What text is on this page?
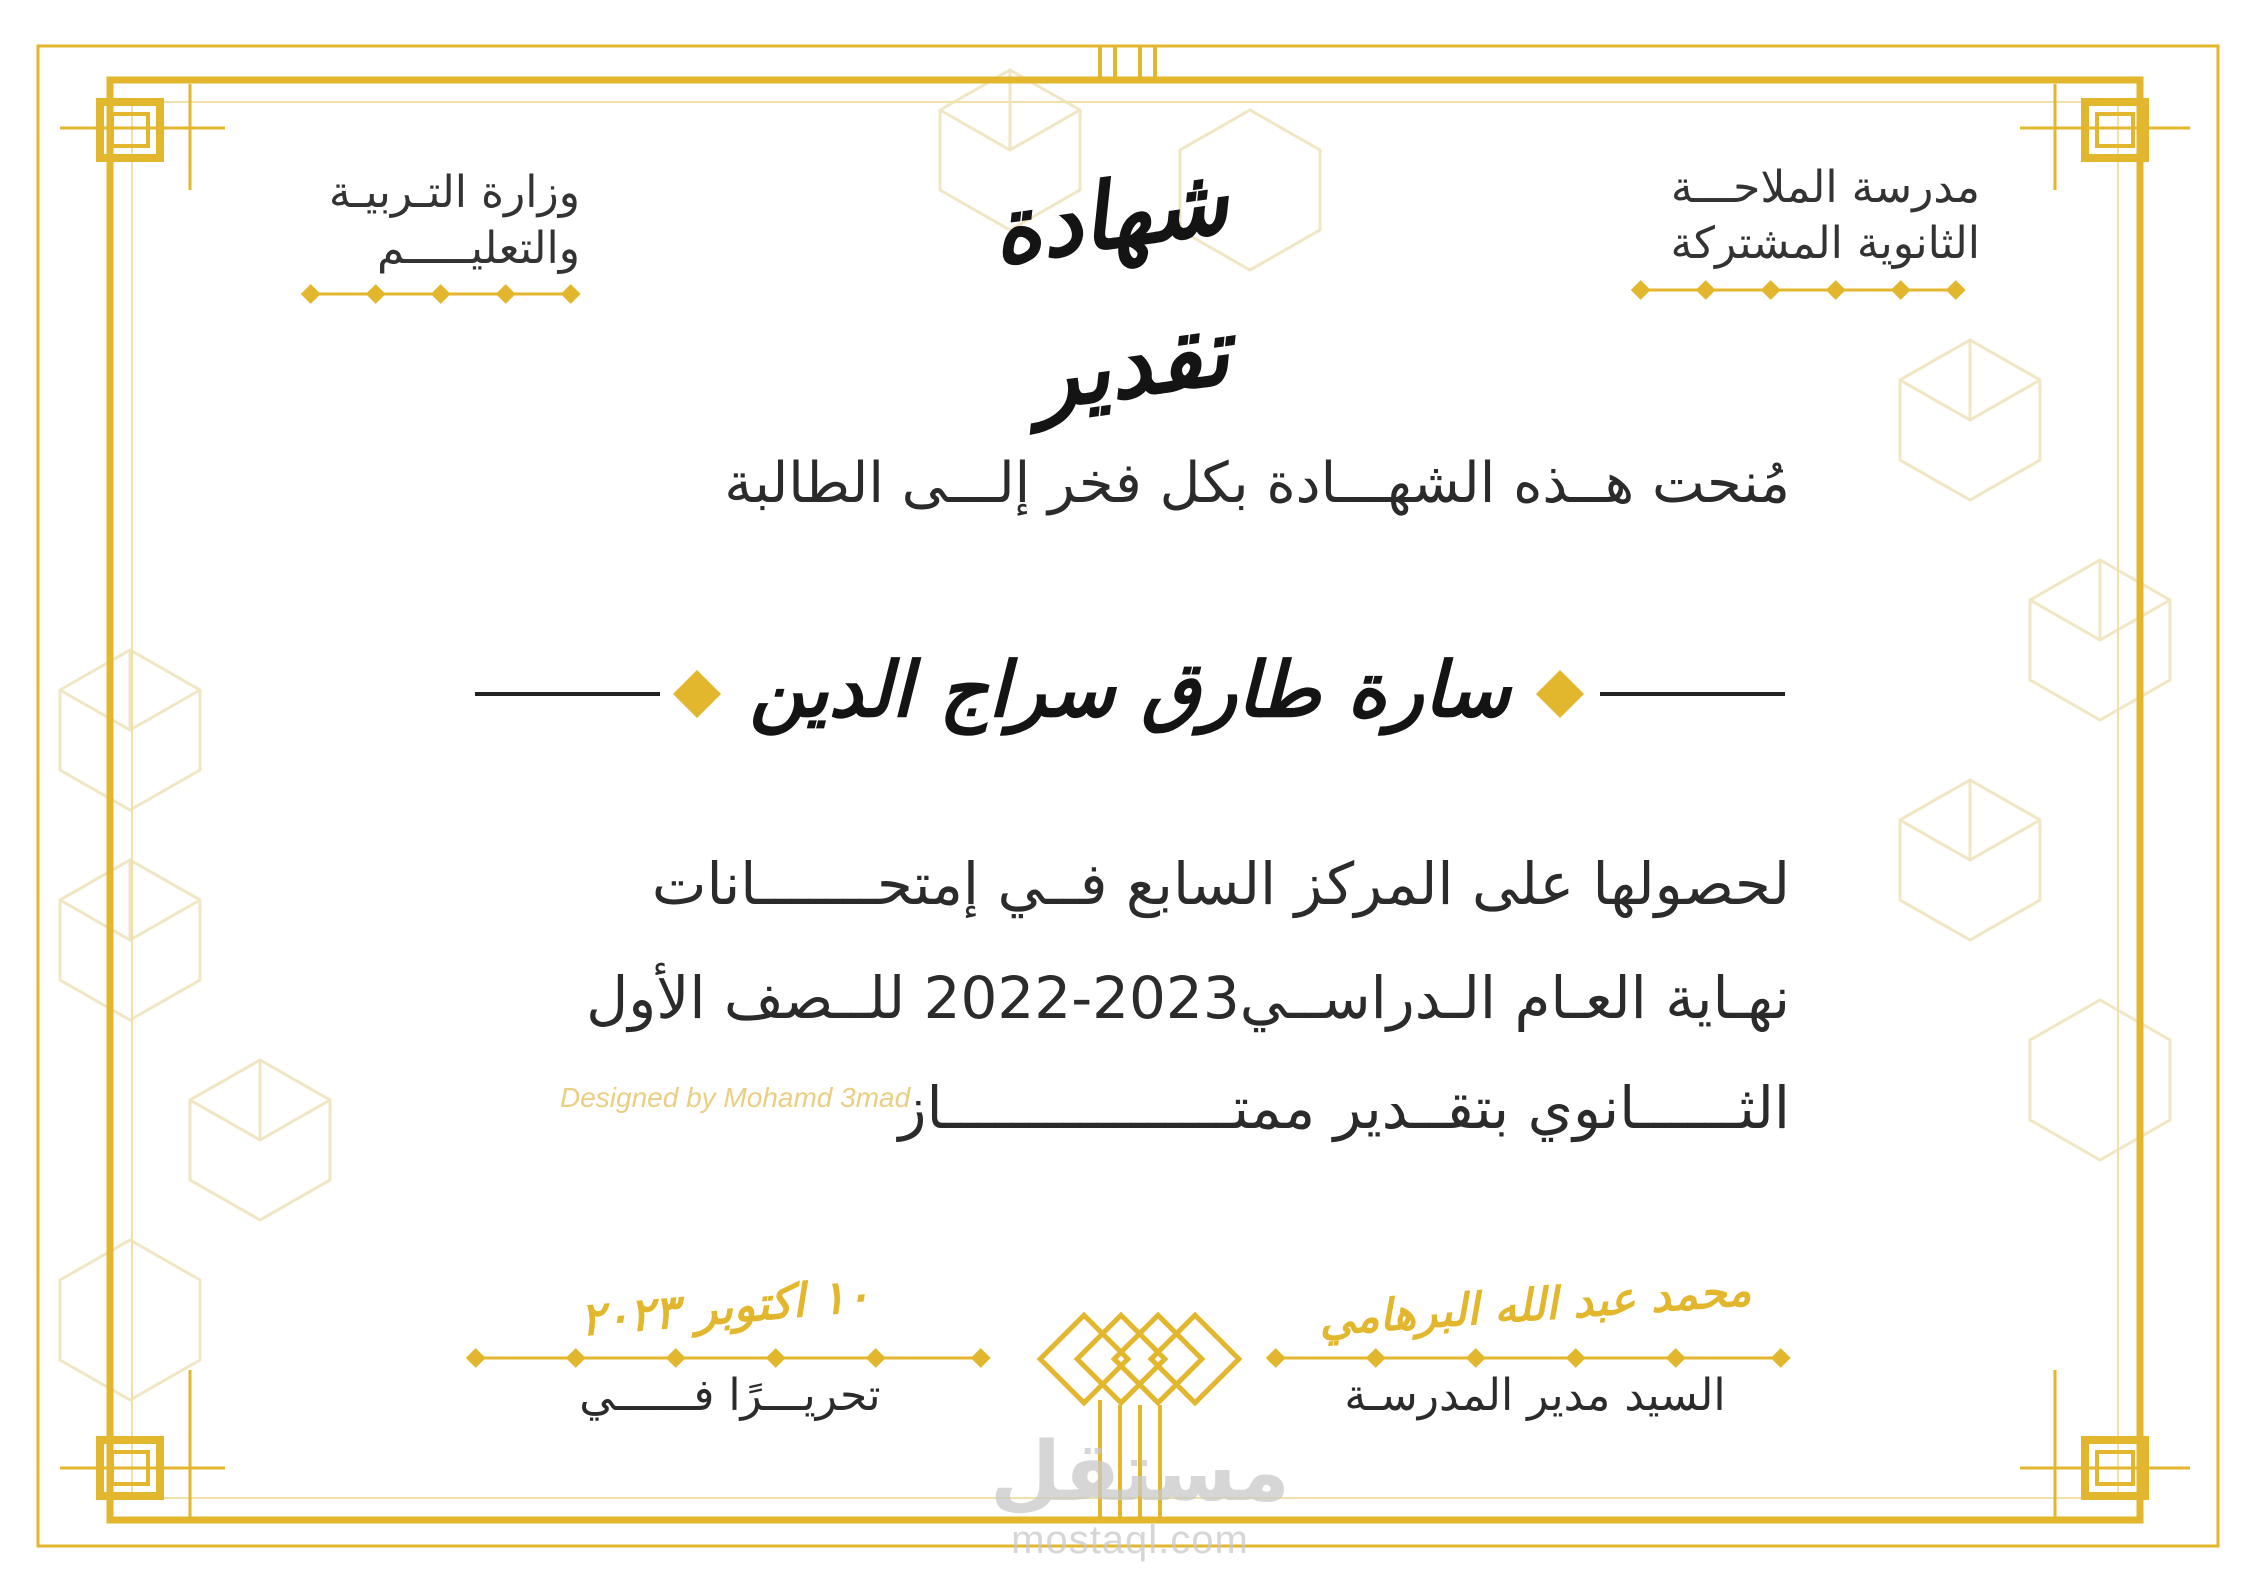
مدرسة الملاحـــة
الثانوية المشتركة
وزارة التـربيـة
والتعليـــــم	شهادة تقدير
مُنحت هــذه الشهـــادة بكل فخر إلـــى الطالبة
سارة طارق سراج الدين
لحصولها على المركز السابع فــي إمتحـــــــانات
نهـاية العـام الـدراســي2023-2022 للــصف الأول
الثــــــانوي بتقــدير ممتـــــــــــــــــاز
Designed by Mohamd 3mad
محمد عبد الله البرهامي
السيد مدير المدرسـة
١٠ اكتوبر ٢٠٢٣
تحريـــرًا فــــــي
مستقل
mostaql.com
